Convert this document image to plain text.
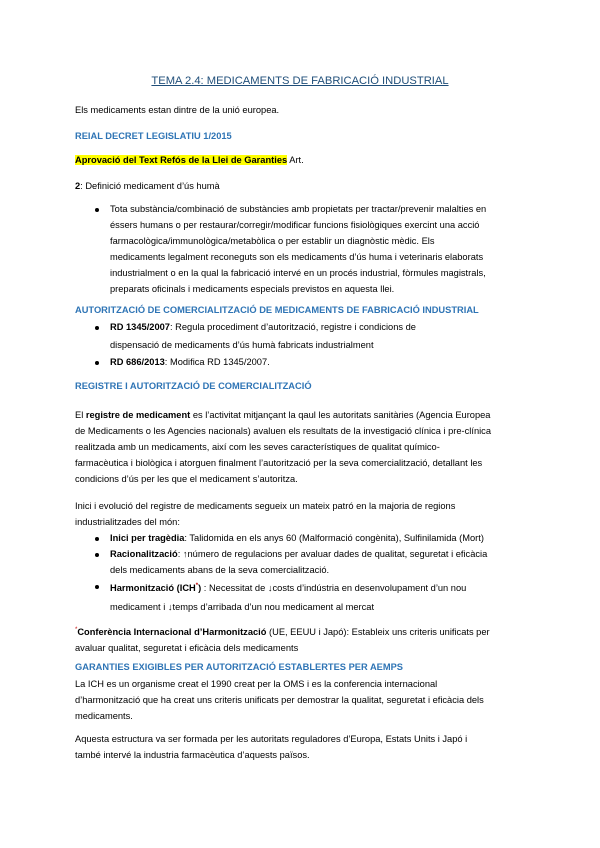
TEMA 2.4: MEDICAMENTS DE FABRICACIÓ INDUSTRIAL
Els medicaments estan dintre de la unió europea.
REIAL DECRET LEGISLATIU 1/2015
Aprovació del Text Refós de la Llei de Garanties Art.
2: Definició medicament d’ús humà
Tota substància/combinació de substàncies amb propietats per tractar/prevenir malalties en
éssers humans o per restaurar/corregir/modificar funcions fisiològiques exercint una acció
farmacològica/immunològica/metabòlica o per establir un diagnòstic mèdic. Els
medicaments legalment reconeguts son els medicaments d’ús huma i veterinaris elaborats
industrialment o en la qual la fabricació intervé en un procés industrial, fòrmules magistrals,
preparats oficinals i medicaments especials previstos en aquesta llei.
AUTORITZACIÓ DE COMERCIALITZACIÓ DE MEDICAMENTS DE FABRICACIÓ INDUSTRIAL
RD 1345/2007: Regula procediment d’autorització, registre i condicions de
dispensació de medicaments d’ús humà fabricats industrialment
RD 686/2013: Modifica RD 1345/2007.
REGISTRE I AUTORITZACIÓ DE COMERCIALITZACIÓ
El registre de medicament es l’activitat mitjançant la qaul les autoritats sanitàries (Agencia Europea
de Medicaments o les Agencies nacionals) avaluen els resultats de la investigació clínica i pre-clínica
realitzada amb un medicaments, així com les seves característiques de qualitat químico-
farmacèutica i biològica i atorguen finalment l’autorització per la seva comercialització, detallant les
condicions d’ús per les que el medicament s’autoritza.
Inici i evolució del registre de medicaments segueix un mateix patró en la majoria de regions
industrialitzades del món:
Inici per tragèdia: Talidomida en els anys 60 (Malformació congènita), Sulfinilamida (Mort)
Racionalització: ↑número de regulacions per avaluar dades de qualitat, seguretat i eficàcia
dels medicaments abans de la seva comercialització.
Harmonització (ICH*) : Necessitat de ↓costs d’indústria en desenvolupament d’un nou
medicament i ↓temps d’arribada d’un nou medicament al mercat
*Conferència Internacional d’Harmonització (UE, EEUU i Japó): Estableix uns criteris unificats per
avaluar qualitat, seguretat i eficàcia dels medicaments
GARANTIES EXIGIBLES PER AUTORITZACIÓ ESTABLERTES PER AEMPS
La ICH es un organisme creat el 1990 creat per la OMS i es la conferencia internacional
d’harmonització que ha creat uns criteris unificats per demostrar la qualitat, seguretat i eficàcia dels
medicaments.
Aquesta estructura va ser formada per les autoritats reguladores d’Europa, Estats Units i Japó i
també intervé la industria farmacèutica d’aquests països.
